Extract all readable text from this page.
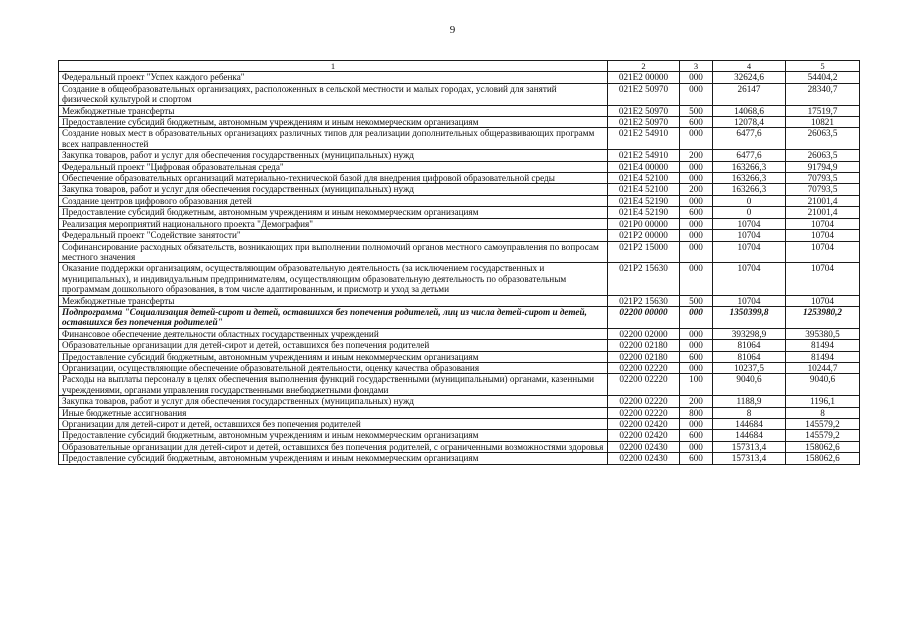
9
1	2	3	4	5
Федеральный проект "Успех каждого ребенка"	021E2 00000	000	32624,6	54404,2
Создание в общеобразовательных организациях, расположенных в сельской местности и малых городах, условий для занятий физической культурой и спортом	021E2 50970	000	26147	28340,7
Межбюджетные трансферты	021E2 50970	500	14068,6	17519,7
Предоставление субсидий бюджетным, автономным учреждениям и иным некоммерческим организациям	021E2 50970	600	12078,4	10821
Создание новых мест в образовательных организациях различных типов для реализации дополнительных общеразвивающих программ всех направленностей	021E2 54910	000	6477,6	26063,5
Закупка товаров, работ и услуг для обеспечения государственных (муниципальных) нужд	021E2 54910	200	6477,6	26063,5
Федеральный проект "Цифровая образовательная среда"	021E4 00000	000	163266,3	91794,9
Обеспечение образовательных организаций материально-технической базой для внедрения цифровой образовательной среды	021E4 52100	000	163266,3	70793,5
Закупка товаров, работ и услуг для обеспечения государственных (муниципальных) нужд	021E4 52100	200	163266,3	70793,5
Создание центров цифрового образования детей	021E4 52190	000	0	21001,4
Предоставление субсидий бюджетным, автономным учреждениям и иным некоммерческим организациям	021E4 52190	600	0	21001,4
Реализация мероприятий национального проекта "Демография"	021P0 00000	000	10704	10704
Федеральный проект "Содействие занятости"	021P2 00000	000	10704	10704
Софинансирование расходных обязательств, возникающих при выполнении полномочий органов местного самоуправления по вопросам местного значения	021P2 15000	000	10704	10704
Оказание поддержки организациям, осуществляющим образовательную деятельность (за исключением государственных и муниципальных), и индивидуальным предпринимателям, осуществляющим образовательную деятельность по образовательным программам дошкольного образования, в том числе адаптированным, и присмотр и уход за детьми	021P2 15630	000	10704	10704
Межбюджетные трансферты	021P2 15630	500	10704	10704
Подпрограмма "Социализация детей-сирот и детей, оставшихся без попечения родителей, лиц из числа детей-сирот и детей, оставшихся без попечения родителей"	02200 00000	000	1350399,8	1253980,2
Финансовое обеспечение деятельности областных государственных учреждений	02200 02000	000	393298,9	395380,5
Образовательные организации для детей-сирот и детей, оставшихся без попечения родителей	02200 02180	000	81064	81494
Предоставление субсидий бюджетным, автономным учреждениям и иным некоммерческим организациям	02200 02180	600	81064	81494
Организации, осуществляющие обеспечение образовательной деятельности, оценку качества образования	02200 02220	000	10237,5	10244,7
Расходы на выплаты персоналу в целях обеспечения выполнения функций государственными (муниципальными) органами, казенными учреждениями, органами управления государственными внебюджетными фондами	02200 02220	100	9040,6	9040,6
Закупка товаров, работ и услуг для обеспечения государственных (муниципальных) нужд	02200 02220	200	1188,9	1196,1
Иные бюджетные ассигнования	02200 02220	800	8	8
Организации для детей-сирот и детей, оставшихся без попечения родителей	02200 02420	000	144684	145579,2
Предоставление субсидий бюджетным, автономным учреждениям и иным некоммерческим организациям	02200 02420	600	144684	145579,2
Образовательные организации для детей-сирот и детей, оставшихся без попечения родителей, с ограниченными возможностями здоровья	02200 02430	000	157313,4	158062,6
Предоставление субсидий бюджетным, автономным учреждениям и иным некоммерческим организациям	02200 02430	600	157313,4	158062,6
